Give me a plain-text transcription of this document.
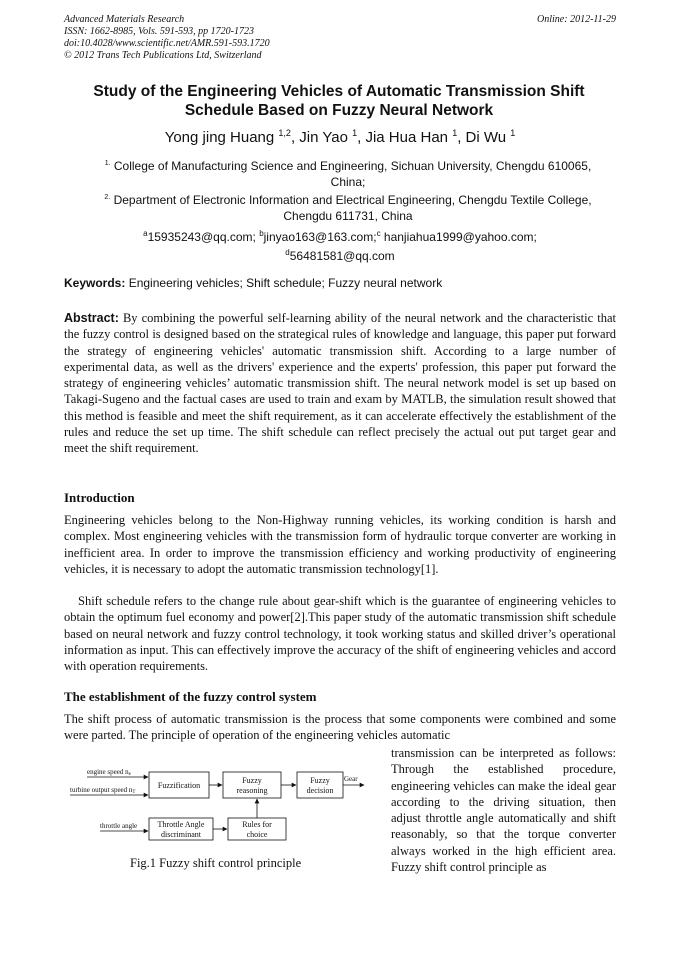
Advanced Materials Research
ISSN: 1662-8985, Vols. 591-593, pp 1720-1723
doi:10.4028/www.scientific.net/AMR.591-593.1720
© 2012 Trans Tech Publications Ltd, Switzerland
Online: 2012-11-29
Study of the Engineering Vehicles of Automatic Transmission Shift
Schedule Based on Fuzzy Neural Network
Yong jing Huang $^{1,2}$, Jin Yao $^1$, Jia Hua Han $^1$, Di Wu $^1$
$^{1.}$ College of Manufacturing Science and Engineering, Sichuan University, Chengdu 610065,
China;
$^{2.}$ Department of Electronic Information and Electrical Engineering, Chengdu Textile College,
Chengdu 611731, China
$^a$15935243@qq.com; $^b$jinyao163@163.com;$^c$ hanjiahua1999@yahoo.com;
$^d$56481581@qq.com
Keywords: Engineering vehicles; Shift schedule; Fuzzy neural network
Abstract: By combining the powerful self-learning ability of the neural network and the characteristic that the fuzzy control is designed based on the strategical rules of knowledge and language, this paper put forward the strategy of engineering vehicles' automatic transmission shift. According to a large number of experimental data, as well as the drivers' experience and the experts' profession, this paper put forward the strategy of engineering vehicles’ automatic transmission shift. The neural network model is set up based on Takagi-Sugeno and the factual cases are used to train and exam by MATLB, the simulation result showed that this method is feasible and meet the shift requirement, as it can accelerate effectively the establishment of the rules and reduce the set up time. The shift schedule can reflect precisely the actual out put target gear and meet the shift requirement.
Introduction
Engineering vehicles belong to the Non-Highway running vehicles, its working condition is harsh and complex. Most engineering vehicles with the transmission form of hydraulic torque converter are working in inefficient area. In order to improve the transmission efficiency and working productivity of engineering vehicles, it is necessary to adopt the automatic transmission technology[1].
Shift schedule refers to the change rule about gear-shift which is the guarantee of engineering vehicles to obtain the optimum fuel economy and power[2].This paper study of the automatic transmission shift schedule based on neural network and fuzzy control technology, it took working status and skilled driver’s operational information as input. This can effectively improve the accuracy of the shift of engineering vehicles and accord with operation requirements.
The establishment of the fuzzy control system
The shift process of automatic transmission is the process that some components were combined and some were parted. The principle of operation of the engineering vehicles automatic
transmission can be interpreted as follows: Through the established procedure, engineering vehicles can make the ideal gear according to the driving situation, then adjust throttle angle automatically and shift reasonably, so that the torque converter always worked in the high efficient area. Fuzzy shift control principle as
engine speed ne
turbine output speed nT
throttle angle
Fuzzification
Fuzzy
reasoning
Fuzzy
decision
Gear
Throttle Angle
discriminant
Rules for
choice
Fig.1 Fuzzy shift control principle
